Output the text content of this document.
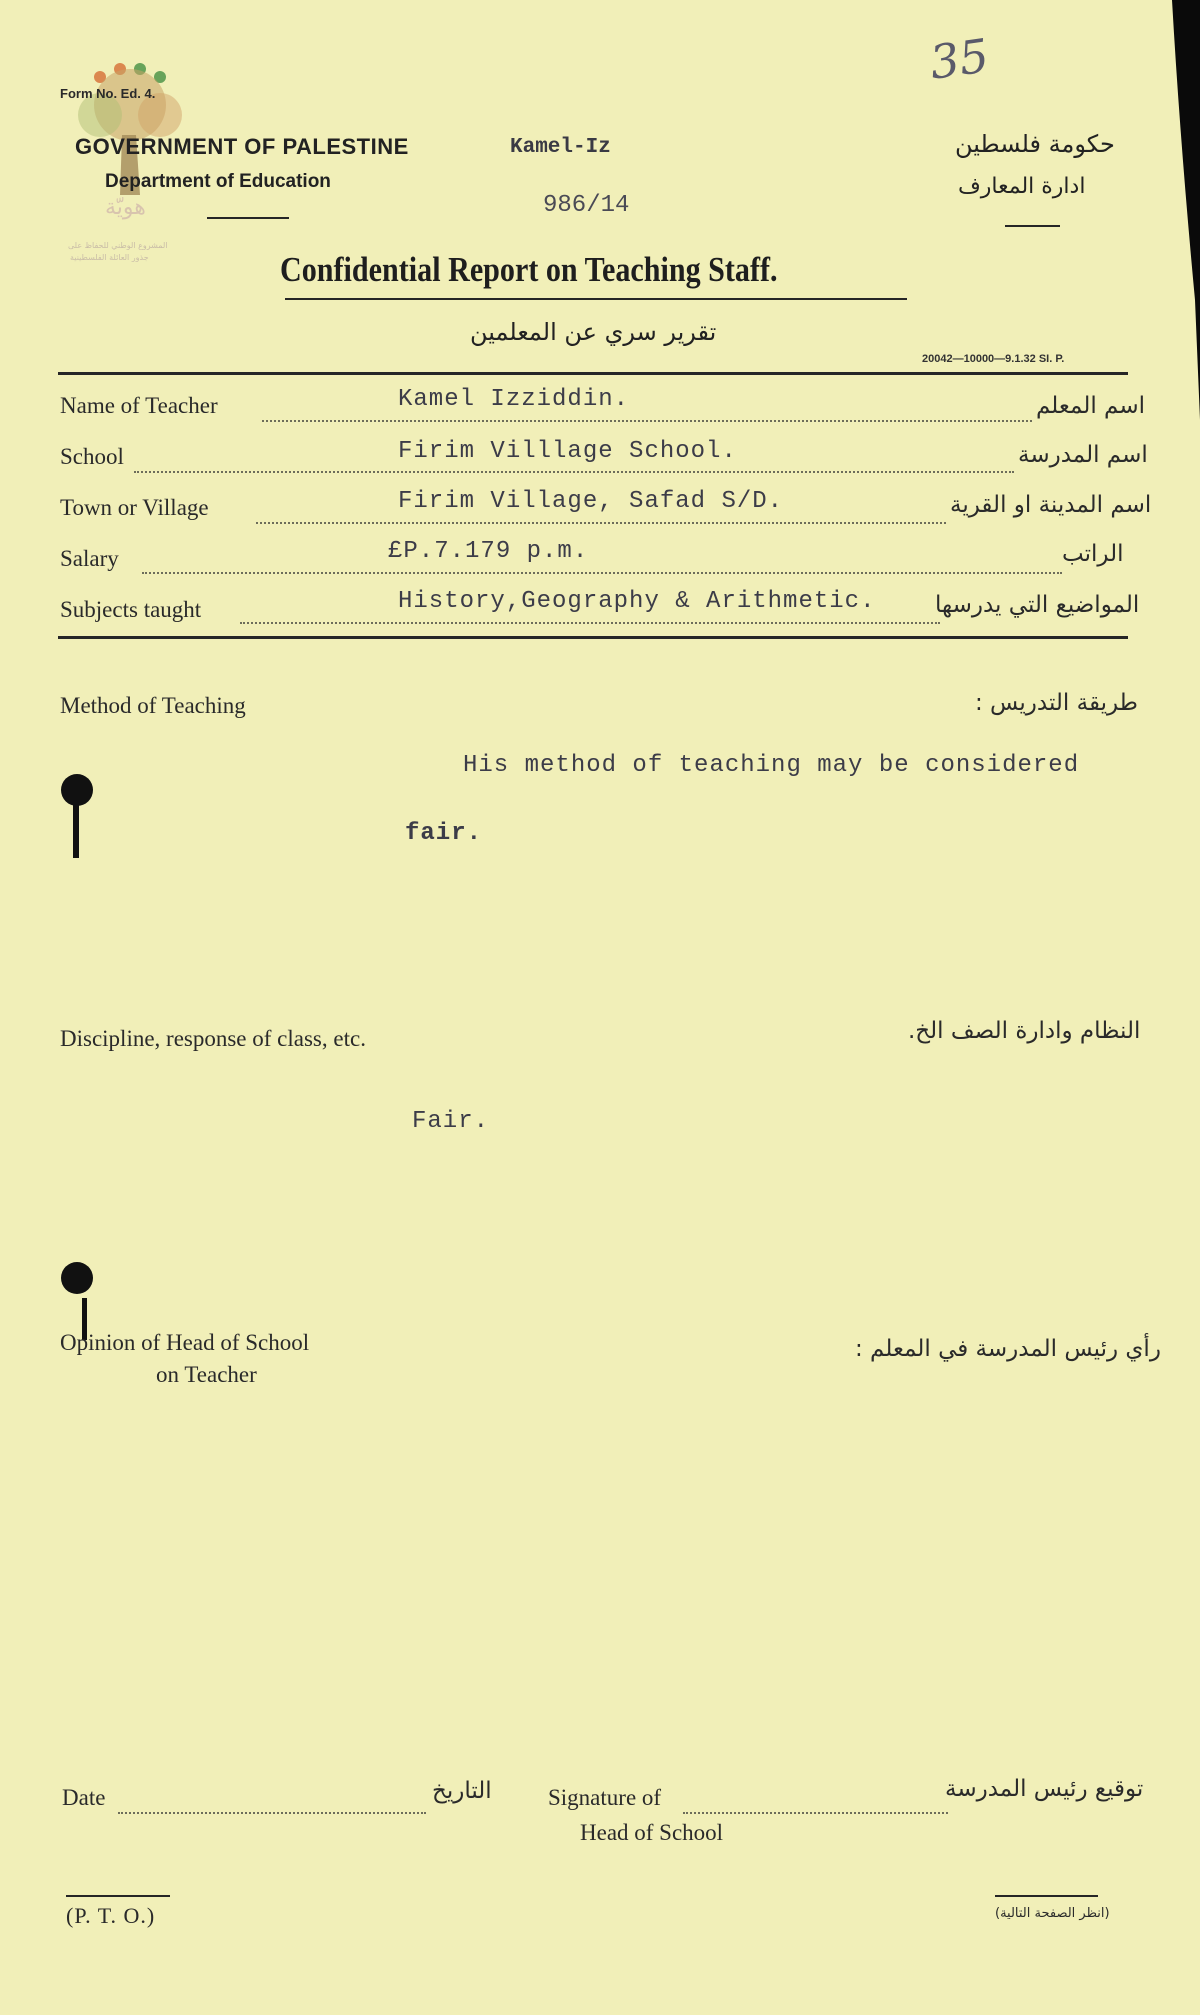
هويّة
المشروع الوطني للحفاظ على
جذور العائلة الفلسطينية
Form No. Ed. 4.
GOVERNMENT OF PALESTINE
Department of Education
Kamel-Iz
986/14
35
حكومة فلسطين
ادارة المعارف
Confidential Report on Teaching Staff.
تقرير سري عن المعلمين
20042—10000—9.1.32 SI. P.
Name of Teacher	Kamel Izziddin.	اسم المعلم
School	Firim Villlage School.	اسم المدرسة
Town or Village	Firim Village, Safad S/D.	اسم المدينة او القرية
Salary	£P.7.179 p.m.	الراتب
Subjects taught	History,Geography & Arithmetic.	المواضيع التي يدرسها
Method of Teaching	طريقة التدريس :
His method of teaching may be considered
fair.
Discipline, response of class, etc.	النظام وادارة الصف الخ.
Fair.
Opinion of Head of School
on Teacher
رأي رئيس المدرسة في المعلم :
Date	التاريخ Signature of
Head of School
توقيع رئيس المدرسة
(P. T. O.)	(انظر الصفحة التالية)
